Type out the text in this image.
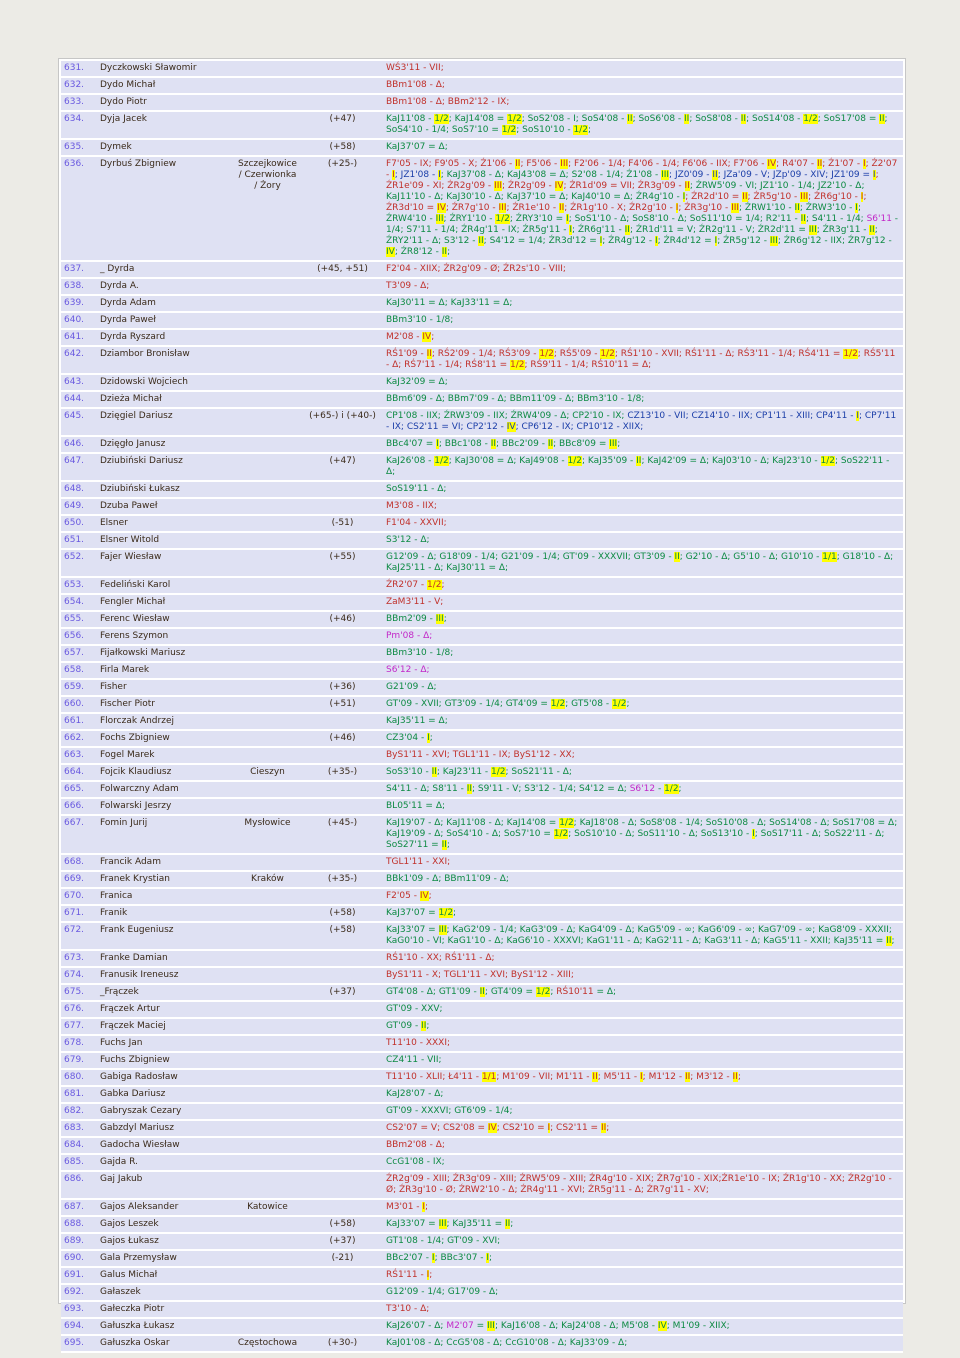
631.	Dyczkowski Sławomir			WŚ3'11 - VII;
632.	Dydo Michał			BBm1'08 - Δ;
633.	Dydo Piotr			BBm1'08 - Δ; BBm2'12 - IX;
634.	Dyja Jacek		(+47)	KaJ11'08 - 1/2; KaJ14'08 = 1/2; SoS2'08 - I; SoS4'08 - II; SoS6'08 - II; SoS8'08 - II; SoS14'08 - 1/2; SoS17'08 = II; SoS4'10 - 1/4; SoS7'10 = 1/2; SoS10'10 - 1/2;
635.	Dymek		(+58)	KaJ37'07 = Δ;
636.	Dyrbuś Zbigniew	Szczejkowice / Czerwionka / Żory	(+25-)	F7'05 - IX; F9'05 - X; Ź1'06 - II; F5'06 - III; F2'06 - 1/4; F4'06 - 1/4; F6'06 - IIX; F7'06 - IV; R4'07 - II; Ź1'07 - I; Ź2'07 - I; JZ1'08 - I; KaJ37'08 - Δ; KaJ43'08 = Δ; S2'08 - 1/4; Ź1'08 - III; JZ0'09 - II; JZa'09 - V; JZp'09 - XIV; JZ1'09 = I; ŹR1e'09 - XI; ŹR2g'09 - III; ŹR2g'09 - IV; ŹR1d'09 = VII; ŹR3g'09 - II; ŹRW5'09 - VI; JZ1'10 - 1/4; JZ2'10 - Δ; KaJ11'10 - Δ; KaJ30'10 - Δ; KaJ37'10 = Δ; KaJ40'10 = Δ; ŹR4g'10 - I; ŹR2d'10 = II; ŹR5g'10 - III; ŹR6g'10 - I; ŹR3d'10 = IV; ŹR7g'10 - III; ŹR1e'10 - II; ŹR1g'10 - X; ŹR2g'10 - I; ŹR3g'10 - III; ŹRW1'10 - II; ŹRW3'10 - I; ŹRW4'10 - III; ŹRY1'10 - 1/2; ŹRY3'10 = I; SoS1'10 - Δ; SoS8'10 - Δ; SoS11'10 = 1/4; R2'11 - II; S4'11 - 1/4; S6'11 - 1/4; S7'11 - 1/4; ŹR4g'11 - IX; ŹR5g'11 - I; ŹR6g'11 - II; ŹR1d'11 = V; ŹR2g'11 - V; ŹR2d'11 = III; ŹR3g'11 - II; ŹRY2'11 - Δ; S3'12 - II; S4'12 = 1/4; ŹR3d'12 = I; ŹR4g'12 - I; ŹR4d'12 = I; ŹR5g'12 - III; ŹR6g'12 - IIX; ŹR7g'12 - IV; ŹR8'12 - II;
637.	_ Dyrda		(+45, +51)	F2'04 - XIIX; ŹR2g'09 - Ø; ŹR2s'10 - VIII;
638.	Dyrda A.			T3'09 - Δ;
639.	Dyrda Adam			KaJ30'11 = Δ; KaJ33'11 = Δ;
640.	Dyrda Paweł			BBm3'10 - 1/8;
641.	Dyrda Ryszard			M2'08 - IV;
642.	Dziambor Bronisław			RŚ1'09 - II; RŚ2'09 - 1/4; RŚ3'09 - 1/2; RŚ5'09 - 1/2; RŚ1'10 - XVII; RŚ1'11 - Δ; RŚ3'11 - 1/4; RŚ4'11 = 1/2; RŚ5'11 - Δ; RŚ7'11 - 1/4; RŚ8'11 = 1/2; RŚ9'11 - 1/4; RŚ10'11 = Δ;
643.	Dzidowski Wojciech			KaJ32'09 = Δ;
644.	Dzieża Michał			BBm6'09 - Δ; BBm7'09 - Δ; BBm11'09 - Δ; BBm3'10 - 1/8;
645.	Dzięgiel Dariusz		(+65-) i (+40-)	CP1'08 - IIX; ŹRW3'09 - IIX; ŹRW4'09 - Δ; CP2'10 - IX; CZ13'10 - VII; CZ14'10 - IIX; CP1'11 - XIII; CP4'11 - I; CP7'11 - IX; CS2'11 = VI; CP2'12 - IV; CP6'12 - IX; CP10'12 - XIIX;
646.	Dzięgło Janusz			BBc4'07 = I; BBc1'08 - II; BBc2'09 - II; BBc8'09 = III;
647.	Dziubiński Dariusz		(+47)	KaJ26'08 - 1/2; KaJ30'08 = Δ; KaJ49'08 - 1/2; KaJ35'09 - II; KaJ42'09 = Δ; KaJ03'10 - Δ; KaJ23'10 - 1/2; SoS22'11 - Δ;
648.	Dziubiński Łukasz			SoS19'11 - Δ;
649.	Dzuba Paweł			M3'08 - IIX;
650.	Elsner		(-51)	F1'04 - XXVII;
651.	Elsner Witold			S3'12 - Δ;
652.	Fajer Wiesław		(+55)	G12'09 - Δ; G18'09 - 1/4; G21'09 - 1/4; GT'09 - XXXVII; GT3'09 - II; G2'10 - Δ; G5'10 - Δ; G10'10 - 1/1; G18'10 - Δ; KaJ25'11 - Δ; KaJ30'11 = Δ;
653.	Fedeliński Karol			ŹR2'07 - 1/2;
654.	Fengler Michał			ZaM3'11 - V;
655.	Ferenc Wiesław		(+46)	BBm2'09 - III;
656.	Ferens Szymon			Pm'08 - Δ;
657.	Fijałkowski Mariusz			BBm3'10 - 1/8;
658.	Firla Marek			S6'12 - Δ;
659.	Fisher		(+36)	G21'09 - Δ;
660.	Fischer Piotr		(+51)	GT'09 - XVII; GT3'09 - 1/4; GT4'09 = 1/2; GT5'08 - 1/2;
661.	Florczak Andrzej			KaJ35'11 = Δ;
662.	Fochs Zbigniew		(+46)	CZ3'04 - I;
663.	Fogel Marek			ByS1'11 - XVI; TGL1'11 - IX; ByS1'12 - XX;
664.	Fojcik Klaudiusz	Cieszyn	(+35-)	SoS3'10 - II; KaJ23'11 - 1/2; SoS21'11 - Δ;
665.	Folwarczny Adam			S4'11 - Δ; S8'11 - II; S9'11 - V; S3'12 - 1/4; S4'12 = Δ; S6'12 - 1/2;
666.	Folwarski Jesrzy			BL05'11 = Δ;
667.	Fomin Jurij	Mysłowice	(+45-)	KaJ19'07 - Δ; KaJ11'08 - Δ; KaJ14'08 = 1/2; KaJ18'08 - Δ; SoS8'08 - 1/4; SoS10'08 - Δ; SoS14'08 - Δ; SoS17'08 = Δ; KaJ19'09 - Δ; SoS4'10 - Δ; SoS7'10 = 1/2; SoS10'10 - Δ; SoS11'10 - Δ; SoS13'10 - I; SoS17'11 - Δ; SoS22'11 - Δ; SoS27'11 = II;
668.	Francik Adam			TGL1'11 - XXI;
669.	Franek Krystian	Kraków	(+35-)	BBk1'09 - Δ; BBm11'09 - Δ;
670.	Franica			F2'05 - IV;
671.	Franik		(+58)	KaJ37'07 = 1/2;
672.	Frank Eugeniusz		(+58)	KaJ33'07 = III; KaG2'09 - 1/4; KaG3'09 - Δ; KaG4'09 - Δ; KaG5'09 - ∞; KaG6'09 - ∞; KaG7'09 - ∞; KaG8'09 - XXXII; KaG0'10 - VI; KaG1'10 - Δ; KaG6'10 - XXXVI; KaG1'11 - Δ; KaG2'11 - Δ; KaG3'11 - Δ; KaG5'11 - XXII; KaJ35'11 = II;
673.	Franke Damian			RŚ1'10 - XX; RŚ1'11 - Δ;
674.	Franusik Ireneusz			ByS1'11 - X; TGL1'11 - XVI; ByS1'12 - XIII;
675.	_Frączek		(+37)	GT4'08 - Δ; GT1'09 - II; GT4'09 = 1/2; RŚ10'11 = Δ;
676.	Frączek Artur			GT'09 - XXV;
677.	Frączek Maciej			GT'09 - II;
678.	Fuchs Jan			T11'10 - XXXI;
679.	Fuchs Zbigniew			CZ4'11 - VII;
680.	Gabiga Radosław			T11'10 - XLII; Ł4'11 - 1/1; M1'09 - VII; M1'11 - II; M5'11 - I; M1'12 - II; M3'12 - II;
681.	Gabka Dariusz			KaJ28'07 - Δ;
682.	Gabryszak Cezary			GT'09 - XXXVI; GT6'09 - 1/4;
683.	Gabzdyl Mariusz			CS2'07 = V; CS2'08 = IV; CS2'10 = I; CS2'11 = II;
684.	Gadocha Wiesław			BBm2'08 - Δ;
685.	Gajda R.			CcG1'08 - IX;
686.	Gaj Jakub			ŹR2g'09 - XIII; ŹR3g'09 - XIII; ŹRW5'09 - XIII; ŹR4g'10 - XIX; ŹR7g'10 - XIX;ŹR1e'10 - IX; ŹR1g'10 - XX; ŹR2g'10 - Ø; ŹR3g'10 - Ø; ŹRW2'10 - Δ; ŹR4g'11 - XVI; ŹR5g'11 - Δ; ŹR7g'11 - XV;
687.	Gajos Aleksander	Katowice		M3'01 - I;
688.	Gajos Leszek		(+58)	KaJ33'07 = III; KaJ35'11 = II;
689.	Gajos Łukasz		(+37)	GT1'08 - 1/4; GT'09 - XVI;
690.	Gala Przemysław		(-21)	BBc2'07 - I; BBc3'07 - I;
691.	Galus Michał			RŚ1'11 - I;
692.	Gałaszek			G12'09 - 1/4; G17'09 - Δ;
693.	Gałeczka Piotr			T3'10 - Δ;
694.	Gałuszka Łukasz			KaJ26'07 - Δ; M2'07 = III; KaJ16'08 - Δ; KaJ24'08 - Δ; M5'08 - IV; M1'09 - XIIX;
695.	Gałuszka Oskar	Częstochowa	(+30-)	KaJ01'08 - Δ; CcG5'08 - Δ; CcG10'08 - Δ; KaJ33'09 - Δ;
